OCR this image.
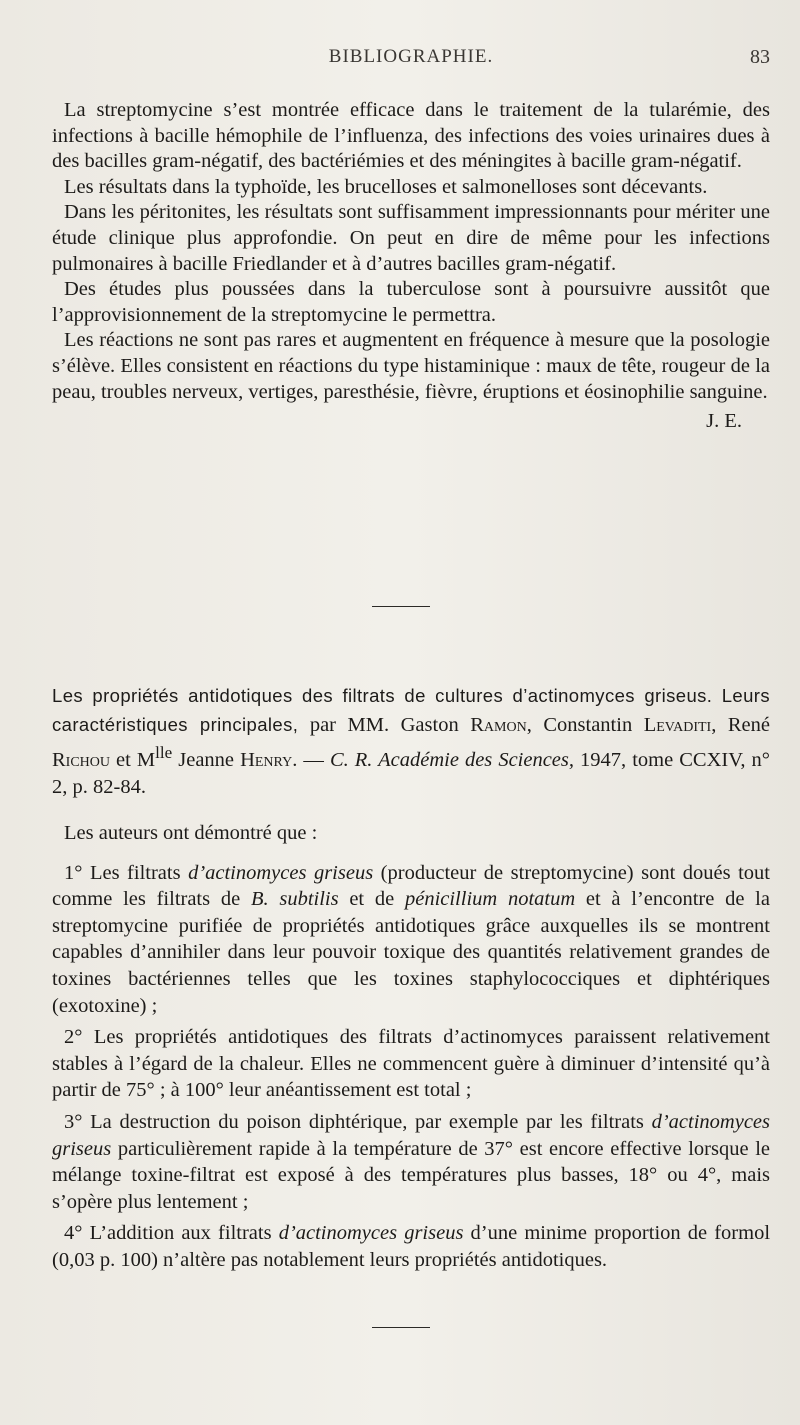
BIBLIOGRAPHIE.	83

La streptomycine s’est montrée efficace dans le traitement de la tularémie, des infections à bacille hémophile de l’influenza, des infections des voies urinaires dues à des bacilles gram-négatif, des bactériémies et des méningites à bacille gram-négatif.

Les résultats dans la typhoïde, les brucelloses et salmonelloses sont décevants.

Dans les péritonites, les résultats sont suffisamment impressionnants pour mériter une étude clinique plus approfondie. On peut en dire de même pour les infections pulmonaires à bacille Friedlander et à d’autres bacilles gram-négatif.

Des études plus poussées dans la tuberculose sont à poursuivre aussitôt que l’approvisionnement de la streptomycine le permettra.

Les réactions ne sont pas rares et augmentent en fréquence à mesure que la posologie s’élève. Elles consistent en réactions du type histaminique : maux de tête, rougeur de la peau, troubles nerveux, vertiges, paresthésie, fièvre, éruptions et éosinophilie sanguine.

J. E.

Les propriétés antidotiques des filtrats de cultures d’actinomyces griseus. Leurs caractéristiques principales, par MM. Gaston Ramon, Constantin Levaditi, René Richou et $M^{lle}$ Jeanne Henry. — C. R. Académie des Sciences, 1947, tome CCXIV, n° 2, p. 82-84.

Les auteurs ont démontré que :

1° Les filtrats d’actinomyces griseus (producteur de streptomycine) sont doués tout comme les filtrats de B. subtilis et de pénicillium notatum et à l’encontre de la streptomycine purifiée de propriétés antidotiques grâce auxquelles ils se montrent capables d’annihiler dans leur pouvoir toxique des quantités relativement grandes de toxines bactériennes telles que les toxines staphylococciques et diphtériques (exotoxine) ;

2° Les propriétés antidotiques des filtrats d’actinomyces paraissent relativement stables à l’égard de la chaleur. Elles ne commencent guère à diminuer d’intensité qu’à partir de 75° ; à 100° leur anéantissement est total ;

3° La destruction du poison diphtérique, par exemple par les filtrats d’actinomyces griseus particulièrement rapide à la température de 37° est encore effective lorsque le mélange toxine-filtrat est exposé à des températures plus basses, 18° ou 4°, mais s’opère plus lentement ;

4° L’addition aux filtrats d’actinomyces griseus d’une minime proportion de formol (0,03 p. 100) n’altère pas notablement leurs propriétés antidotiques.
